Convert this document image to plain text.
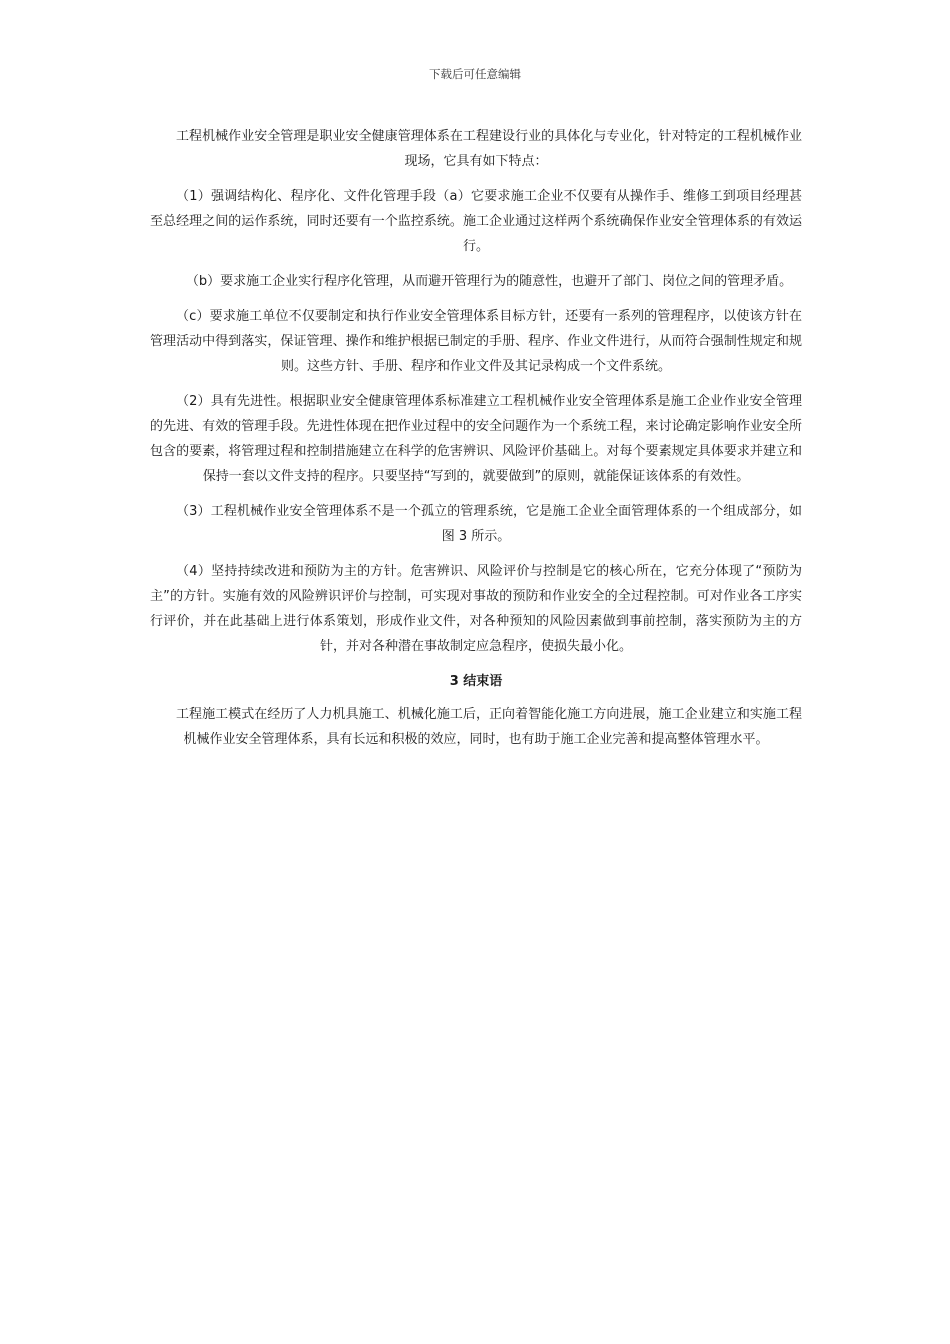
下载后可任意编辑

工程机械作业安全管理是职业安全健康管理体系在工程建设行业的具体化与专业化，针对特定的工程机械作业现场，它具有如下特点：

（1）强调结构化、程序化、文件化管理手段（a）它要求施工企业不仅要有从操作手、维修工到项目经理甚至总经理之间的运作系统，同时还要有一个监控系统。施工企业通过这样两个系统确保作业安全管理体系的有效运行。

（b）要求施工企业实行程序化管理，从而避开管理行为的随意性，也避开了部门、岗位之间的管理矛盾。

（c）要求施工单位不仅要制定和执行作业安全管理体系目标方针，还要有一系列的管理程序，以使该方针在管理活动中得到落实，保证管理、操作和维护根据已制定的手册、程序、作业文件进行，从而符合强制性规定和规则。这些方针、手册、程序和作业文件及其记录构成一个文件系统。

（2）具有先进性。根据职业安全健康管理体系标准建立工程机械作业安全管理体系是施工企业作业安全管理的先进、有效的管理手段。先进性体现在把作业过程中的安全问题作为一个系统工程，来讨论确定影响作业安全所包含的要素，将管理过程和控制措施建立在科学的危害辨识、风险评价基础上。对每个要素规定具体要求并建立和保持一套以文件支持的程序。只要坚持“写到的，就要做到”的原则，就能保证该体系的有效性。

（3）工程机械作业安全管理体系不是一个孤立的管理系统，它是施工企业全面管理体系的一个组成部分，如图 3 所示。

（4）坚持持续改进和预防为主的方针。危害辨识、风险评价与控制是它的核心所在，它充分体现了“预防为主”的方针。实施有效的风险辨识评价与控制，可实现对事故的预防和作业安全的全过程控制。可对作业各工序实行评价，并在此基础上进行体系策划，形成作业文件，对各种预知的风险因素做到事前控制，落实预防为主的方针，并对各种潜在事故制定应急程序，使损失最小化。

3 结束语

工程施工模式在经历了人力机具施工、机械化施工后，正向着智能化施工方向进展，施工企业建立和实施工程机械作业安全管理体系，具有长远和积极的效应，同时，也有助于施工企业完善和提高整体管理水平。
